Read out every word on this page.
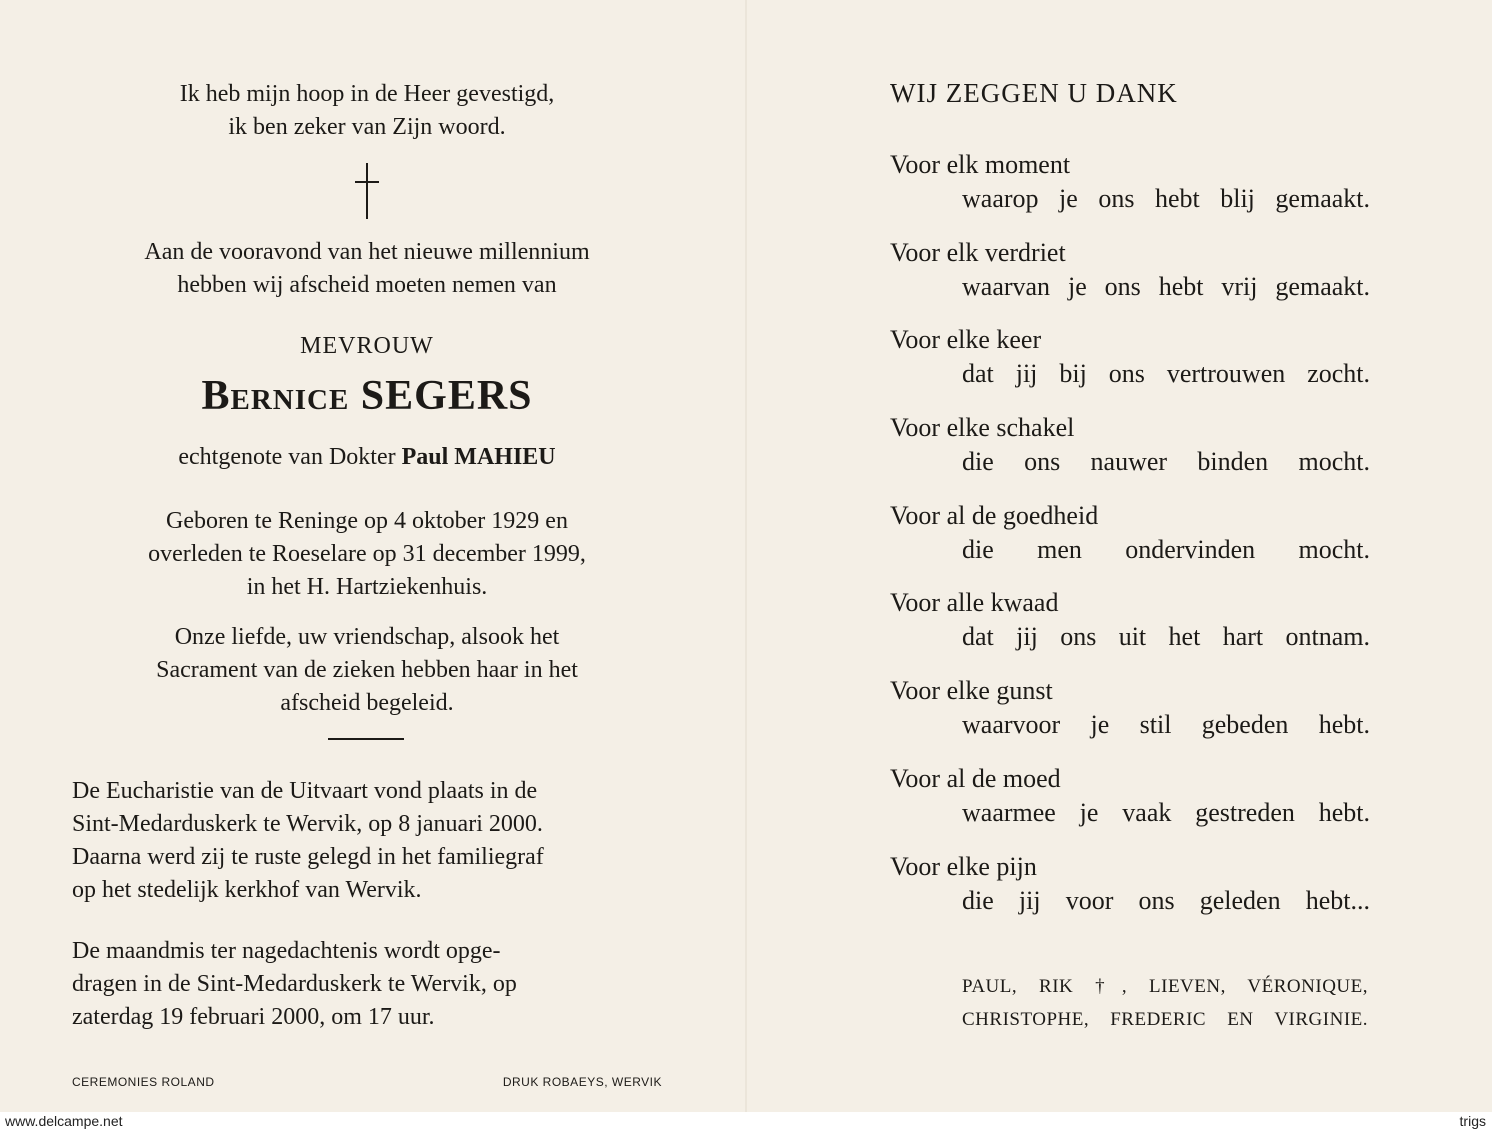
Ik heb mijn hoop in de Heer gevestigd,

ik ben zeker van Zijn woord.

Aan de vooravond van het nieuwe millennium

hebben wij afscheid moeten nemen van

MEVROUW
Bernice SEGERS
echtgenote van Dokter Paul MAHIEU

Geboren te Reninge op 4 oktober 1929 en

overleden te Roeselare op 31 december 1999,

in het H. Hartziekenhuis.

Onze liefde, uw vriendschap, alsook het

Sacrament van de zieken hebben haar in het

afscheid begeleid.

De Eucharistie van de Uitvaart vond plaats in de

Sint-Medarduskerk te Wervik, op 8 januari 2000.

Daarna werd zij te ruste gelegd in het familiegraf

op het stedelijk kerkhof van Wervik.

De maandmis ter nagedachtenis wordt opge-

dragen in de Sint-Medarduskerk te Wervik, op

zaterdag 19 februari 2000, om 17 uur.

CEREMONIES ROLAND	DRUK ROBAEYS, WERVIK
WIJ ZEGGEN U DANK

Voor elk moment

waarop je ons hebt blij gemaakt.

Voor elk verdriet

waarvan je ons hebt vrij gemaakt.

Voor elke keer

dat jij bij ons vertrouwen zocht.

Voor elke schakel

die ons nauwer binden mocht.

Voor al de goedheid

die men ondervinden mocht.

Voor alle kwaad

dat jij ons uit het hart ontnam.

Voor elke gunst

waarvoor je stil gebeden hebt.

Voor al de moed

waarmee je vaak gestreden hebt.

Voor elke pijn

die jij voor ons geleden hebt...

PAUL, RIK †, LIEVEN, VÉRONIQUE,
CHRISTOPHE, FREDERIC EN VIRGINIE.
www.delcampe.net	trigs
